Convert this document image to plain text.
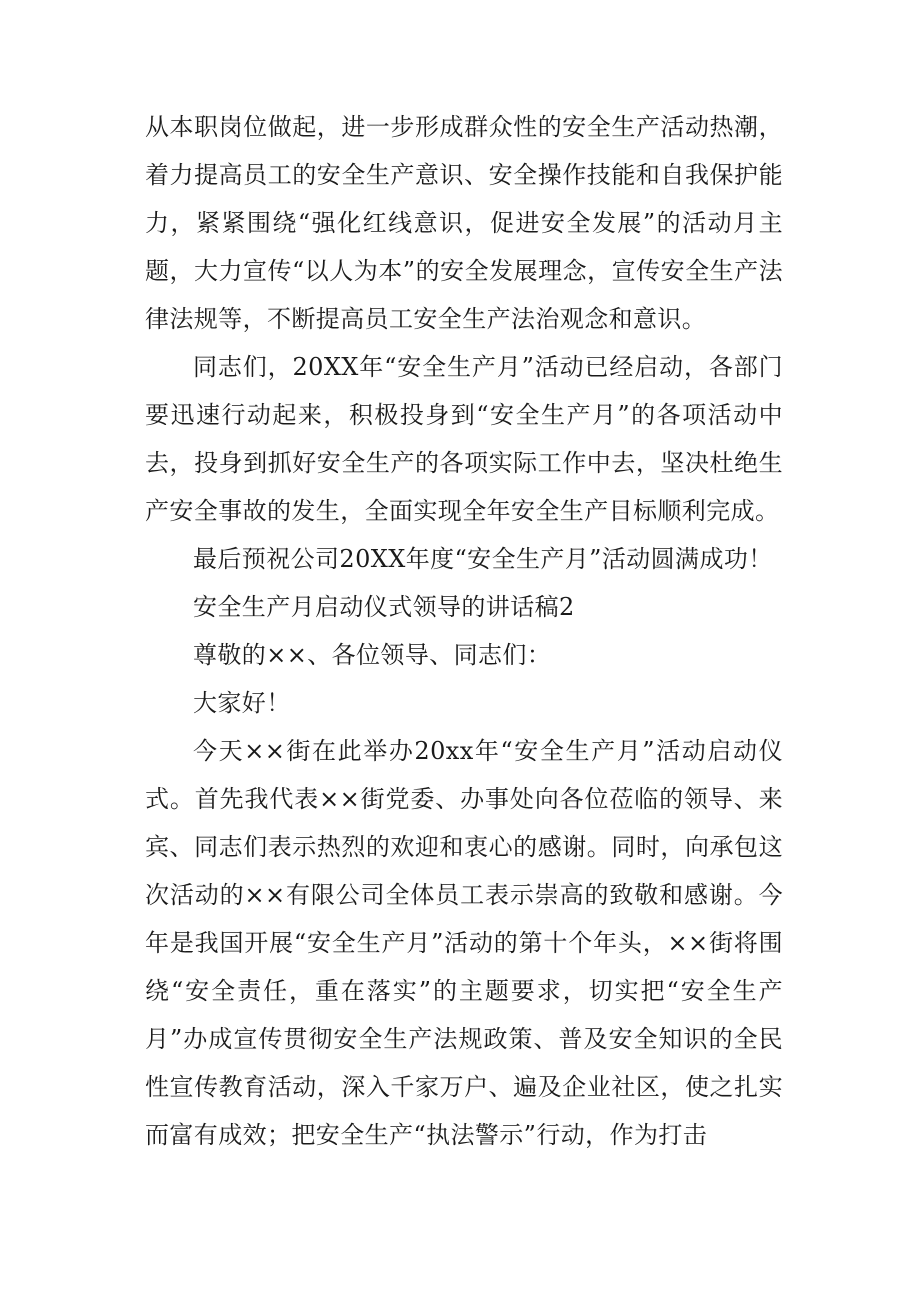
从本职岗位做起，进一步形成群众性的安全生产活动热潮，着力提高员工的安全生产意识、安全操作技能和自我保护能力，紧紧围绕“强化红线意识，促进安全发展”的活动月主题，大力宣传“以人为本”的安全发展理念，宣传安全生产法律法规等，不断提高员工安全生产法治观念和意识。

同志们，20XX年“安全生产月”活动已经启动，各部门要迅速行动起来，积极投身到“安全生产月”的各项活动中去，投身到抓好安全生产的各项实际工作中去，坚决杜绝生产安全事故的发生，全面实现全年安全生产目标顺利完成。

最后预祝公司20XX年度“安全生产月”活动圆满成功！

安全生产月启动仪式领导的讲话稿2

尊敬的××、各位领导、同志们：

大家好！

今天××街在此举办20xx年“安全生产月”活动启动仪式。首先我代表××街党委、办事处向各位莅临的领导、来宾、同志们表示热烈的欢迎和衷心的感谢。同时，向承包这次活动的××有限公司全体员工表示崇高的致敬和感谢。今年是我国开展“安全生产月”活动的第十个年头，××街将围绕“安全责任，重在落实”的主题要求，切实把“安全生产月”办成宣传贯彻安全生产法规政策、普及安全知识的全民性宣传教育活动，深入千家万户、遍及企业社区，使之扎实而富有成效；把安全生产“执法警示”行动，作为打击
